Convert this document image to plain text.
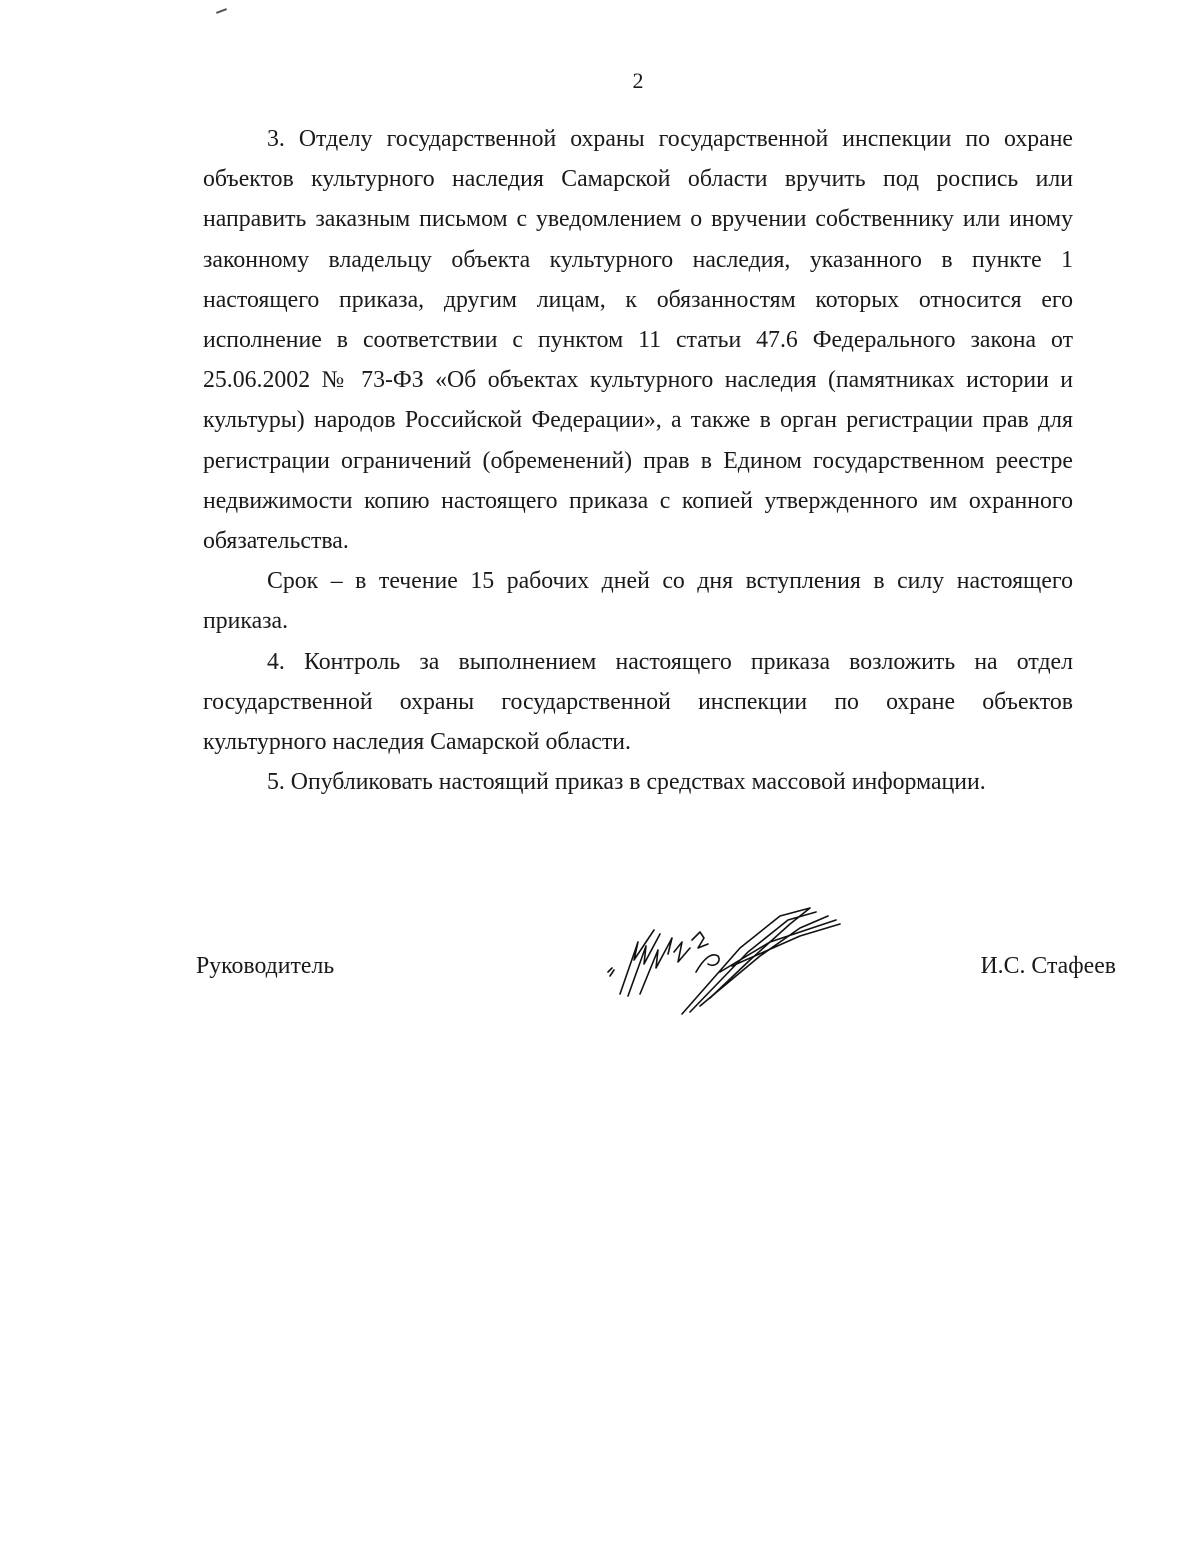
2

3. Отделу государственной охраны государственной инспекции по охране объектов культурного наследия Самарской области вручить под роспись или направить заказным письмом с уведомлением о вручении собственнику или иному законному владельцу объекта культурного наследия, указанного в пункте 1 настоящего приказа, другим лицам, к обязанностям которых относится его исполнение в соответствии с пунктом 11 статьи 47.6 Федерального закона от 25.06.2002 № 73-ФЗ «Об объектах культурного наследия (памятниках истории и культуры) народов Российской Федерации», а также в орган регистрации прав для регистрации ограничений (обременений) прав в Едином государственном реестре недвижимости копию настоящего приказа с копией утвержденного им охранного обязательства.

Срок – в течение 15 рабочих дней со дня вступления в силу настоящего приказа.

4. Контроль за выполнением настоящего приказа возложить на отдел государственной охраны государственной инспекции по охране объектов культурного наследия Самарской области.

5. Опубликовать настоящий приказ в средствах массовой информации.

Руководитель	И.С. Стафеев
